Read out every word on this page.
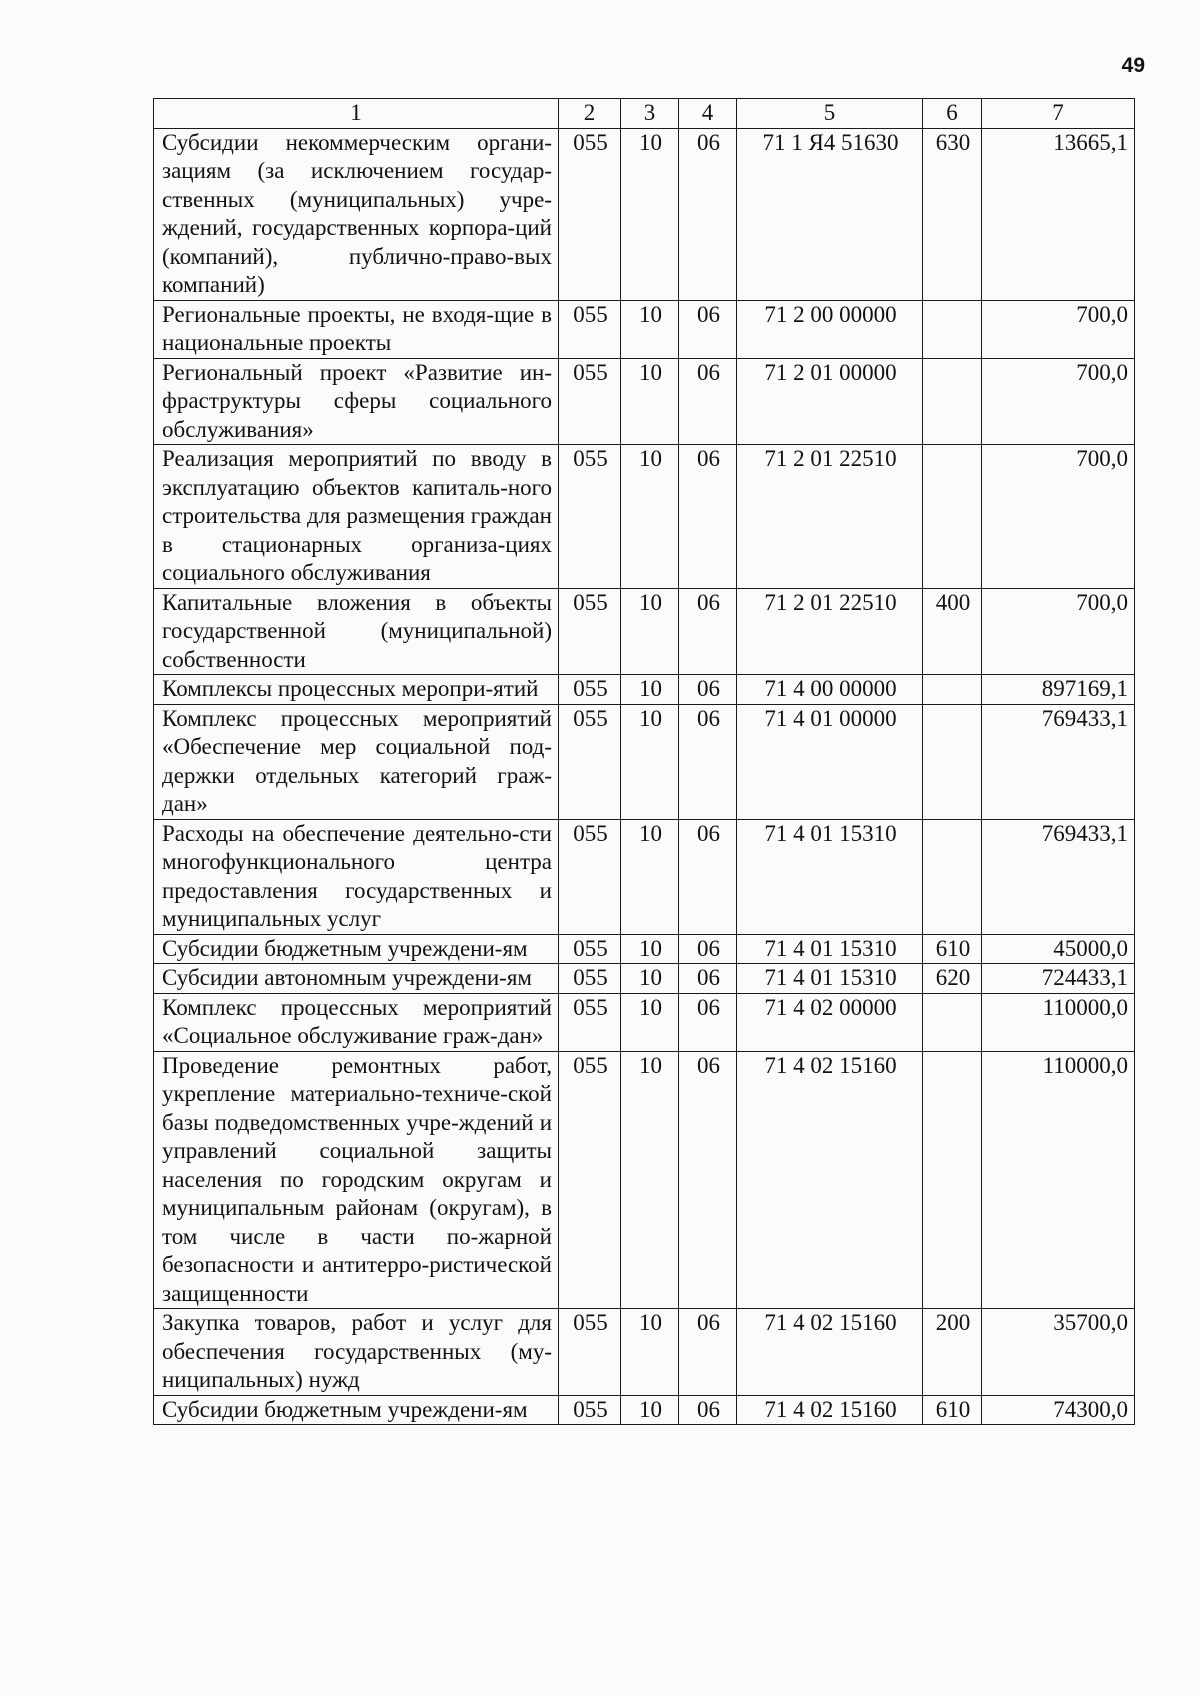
49
1	2	3	4	5	6	7
Субсидии некоммерческим органи-зациям (за исключением государ-ственных (муниципальных) учре-ждений, государственных корпора-ций (компаний), публично-право-вых компаний)	055	10	06	71 1 Я4 51630	630	13665,1
Региональные проекты, не входя-щие в национальные проекты	055	10	06	71 2 00 00000		700,0
Региональный проект «Развитие ин-фраструктуры сферы социального обслуживания»	055	10	06	71 2 01 00000		700,0
Реализация мероприятий по вводу в эксплуатацию объектов капиталь-ного строительства для размещения граждан в стационарных организа-циях социального обслуживания	055	10	06	71 2 01 22510		700,0
Капитальные вложения в объекты государственной (муниципальной) собственности	055	10	06	71 2 01 22510	400	700,0
Комплексы процессных меропри-ятий	055	10	06	71 4 00 00000		897169,1
Комплекс процессных мероприятий «Обеспечение мер социальной под-держки отдельных категорий граж-дан»	055	10	06	71 4 01 00000		769433,1
Расходы на обеспечение деятельно-сти многофункционального центра предоставления государственных и муниципальных услуг	055	10	06	71 4 01 15310		769433,1
Субсидии бюджетным учреждени-ям	055	10	06	71 4 01 15310	610	45000,0
Субсидии автономным учреждени-ям	055	10	06	71 4 01 15310	620	724433,1
Комплекс процессных мероприятий «Социальное обслуживание граж-дан»	055	10	06	71 4 02 00000		110000,0
Проведение ремонтных работ, укрепление материально-техниче-ской базы подведомственных учре-ждений и управлений социальной защиты населения по городским округам и муниципальным районам (округам), в том числе в части по-жарной безопасности и антитерро-ристической защищенности	055	10	06	71 4 02 15160		110000,0
Закупка товаров, работ и услуг для обеспечения государственных (му-ниципальных) нужд	055	10	06	71 4 02 15160	200	35700,0
Субсидии бюджетным учреждени-ям	055	10	06	71 4 02 15160	610	74300,0
